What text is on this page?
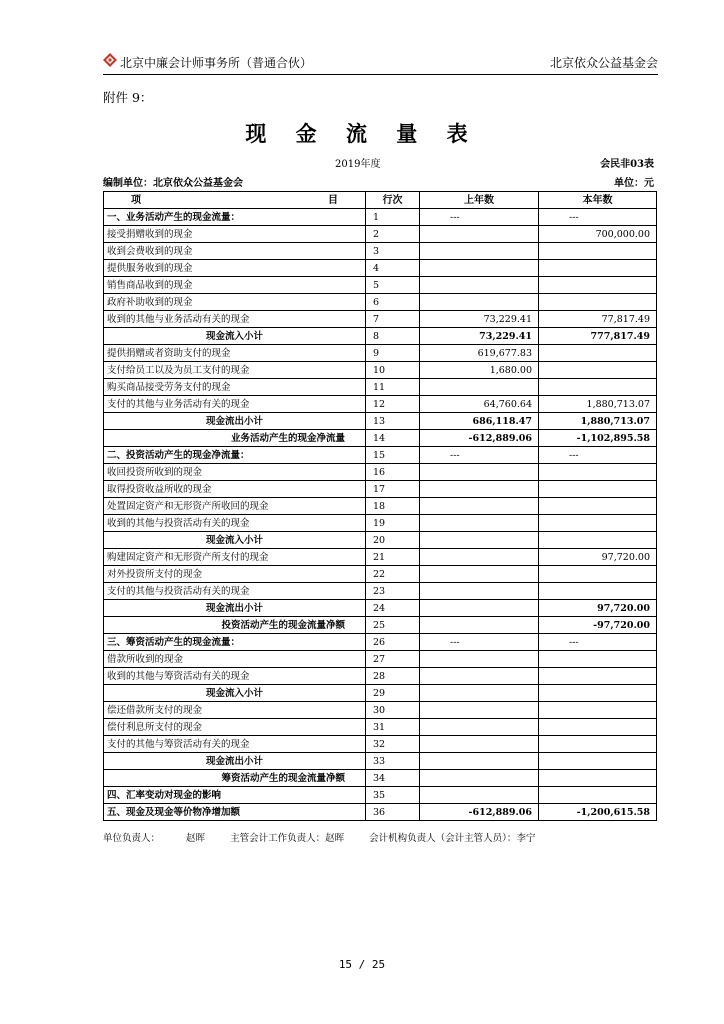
北京中廉会计师事务所（普通合伙）	北京依众公益基金会
附件 9：
现 金 流 量 表
2019年度	会民非03表
编制单位：北京依众公益基金会	单位：元
项 目	行次	上年数	本年数
一、业务活动产生的现金流量：	1	---	---
接受捐赠收到的现金	2		700,000.00
收到会费收到的现金	3		
提供服务收到的现金	4		
销售商品收到的现金	5		
政府补助收到的现金	6		
收到的其他与业务活动有关的现金	7	73,229.41	77,817.49
现金流入小计	8	73,229.41	777,817.49
提供捐赠或者资助支付的现金	9	619,677.83	
支付给员工以及为员工支付的现金	10	1,680.00	
购买商品接受劳务支付的现金	11		
支付的其他与业务活动有关的现金	12	64,760.64	1,880,713.07
现金流出小计	13	686,118.47	1,880,713.07
业务活动产生的现金净流量	14	-612,889.06	-1,102,895.58
二、投资活动产生的现金净流量：	15	---	---
收回投资所收到的现金	16		
取得投资收益所收的现金	17		
处置固定资产和无形资产所收回的现金	18		
收到的其他与投资活动有关的现金	19		
现金流入小计	20		
购建固定资产和无形资产所支付的现金	21		97,720.00
对外投资所支付的现金	22		
支付的其他与投资活动有关的现金	23		
现金流出小计	24		97,720.00
投资活动产生的现金流量净额	25		-97,720.00
三、筹资活动产生的现金流量：	26	---	---
借款所收到的现金	27		
收到的其他与筹资活动有关的现金	28		
现金流入小计	29		
偿还借款所支付的现金	30		
偿付利息所支付的现金	31		
支付的其他与筹资活动有关的现金	32		
现金流出小计	33		
筹资活动产生的现金流量净额	34		
四、汇率变动对现金的影响	35		
五、现金及现金等价物净增加额	36	-612,889.06	-1,200,615.58
单位负责人：	赵晖	主管会计工作负责人：赵晖	会计机构负责人（会计主管人员）：李宁
15 / 25
